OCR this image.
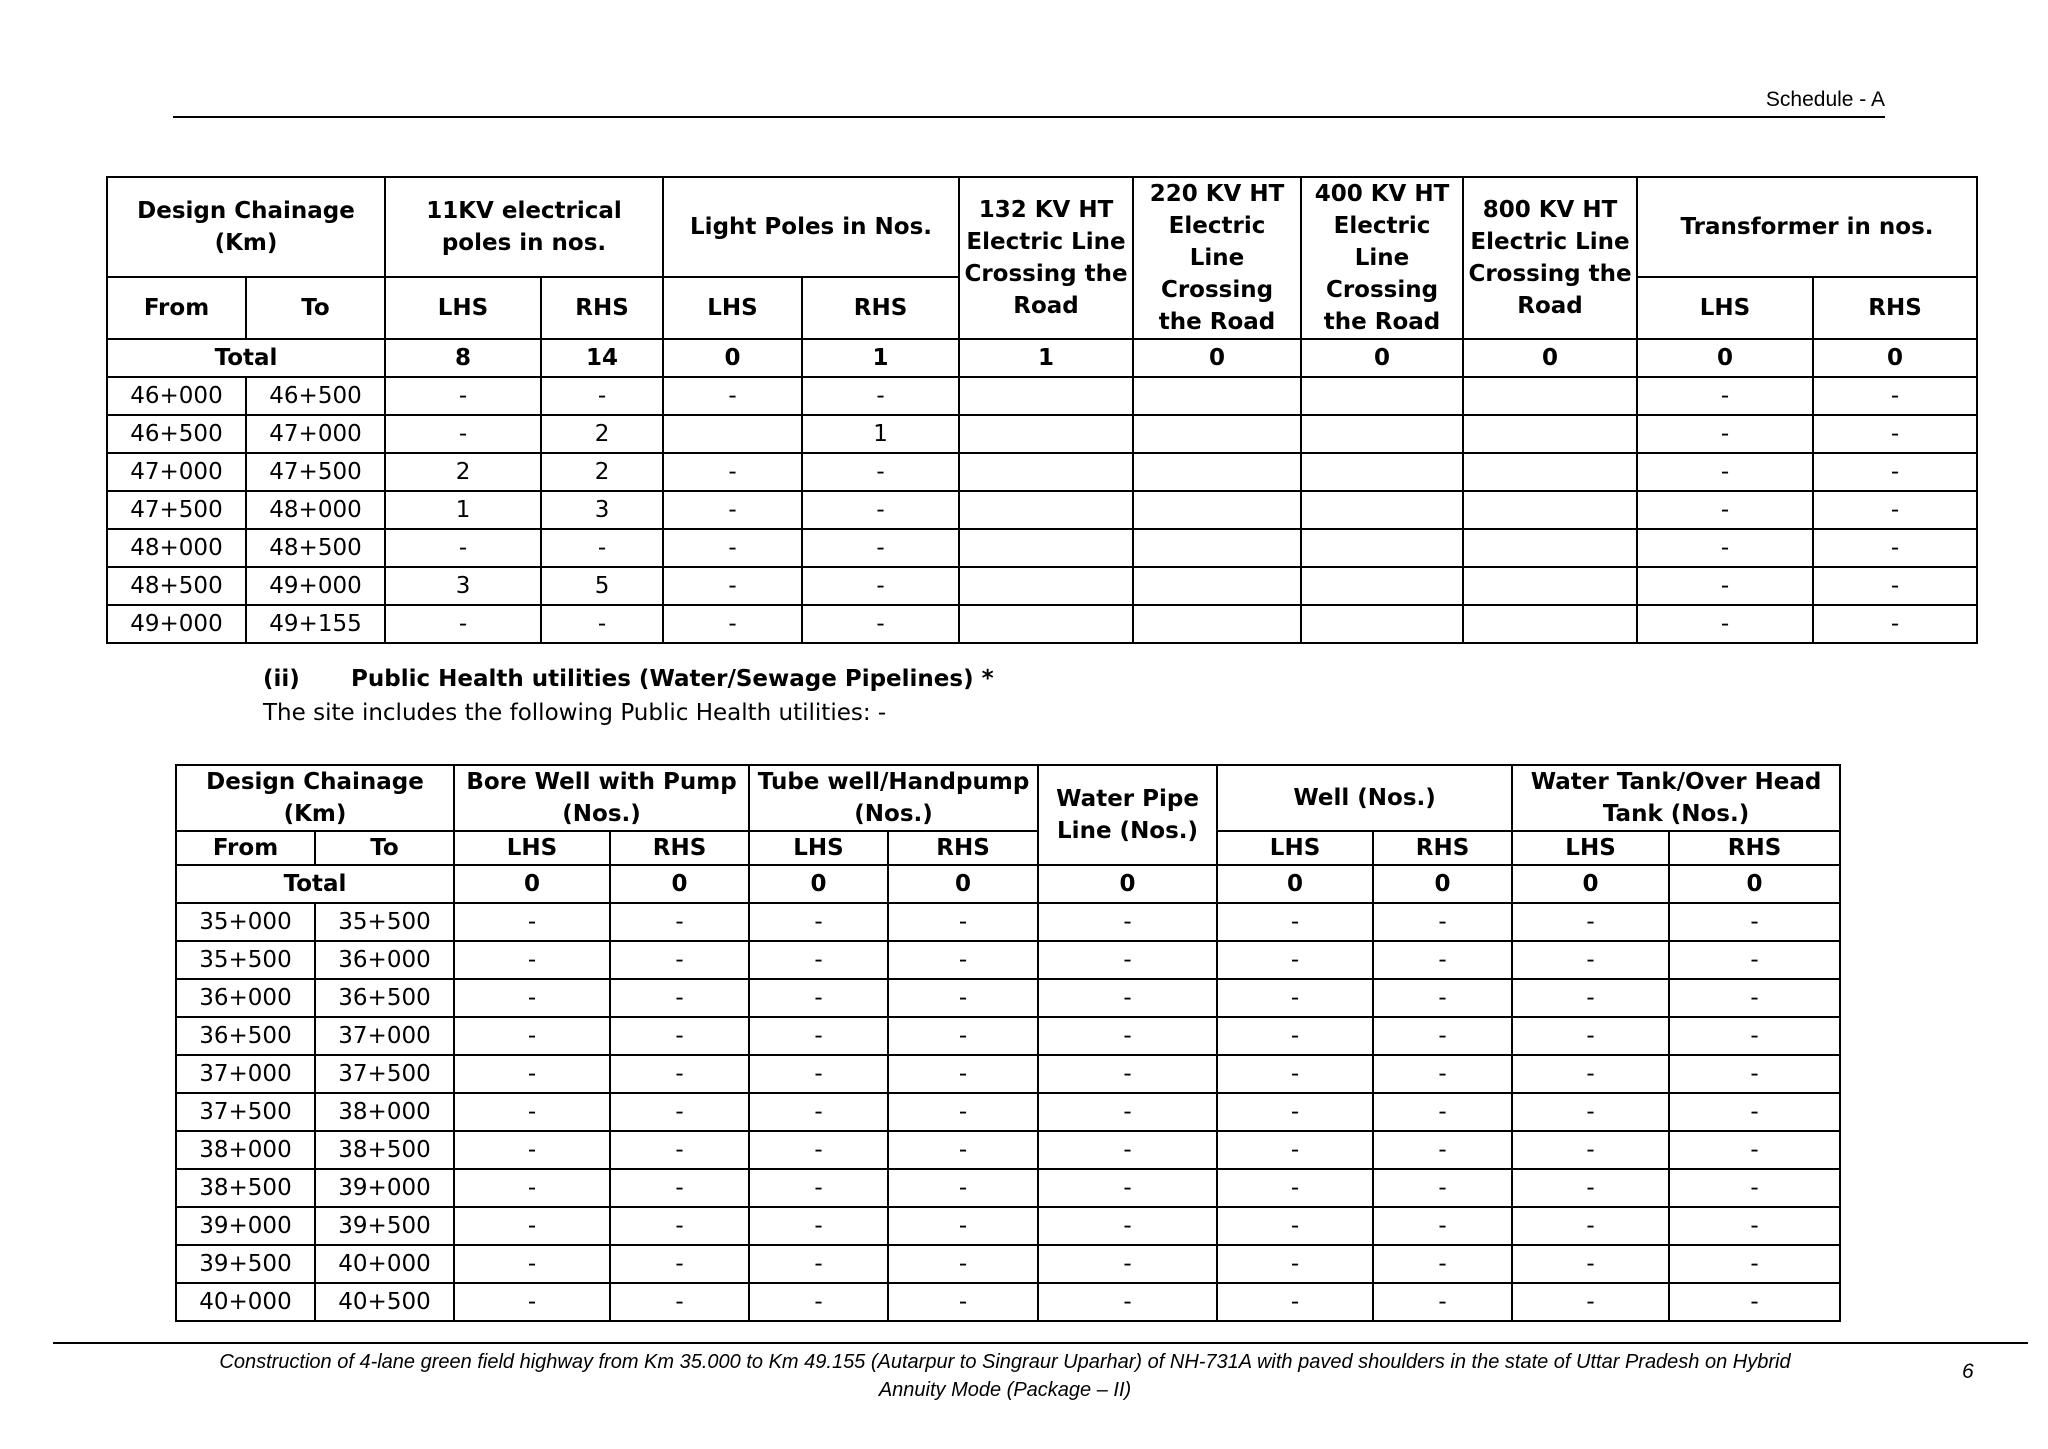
Schedule - A
Design Chainage (Km)		11KV electrical poles in nos.		Light Poles in Nos.		132 KV HT Electric Line Crossing the Road	220 KV HT Electric Line Crossing the Road	400 KV HT Electric Line Crossing the Road	800 KV HT Electric Line Crossing the Road	Transformer in nos.	
From	To	LHS	RHS	LHS	RHS					LHS	RHS
Total		8	14	0	1	1	0	0	0	0	0
46+000	46+500	-	-	-	-					-	-
46+500	47+000	-	2		1					-	-
47+000	47+500	2	2	-	-					-	-
47+500	48+000	1	3	-	-					-	-
48+000	48+500	-	-	-	-					-	-
48+500	49+000	3	5	-	-					-	-
49+000	49+155	-	-	-	-					-	-
(ii) Public Health utilities (Water/Sewage Pipelines) *
The site includes the following Public Health utilities: -
Design Chainage (Km)		Bore Well with Pump (Nos.)		Tube well/Handpump (Nos.)		Water Pipe Line (Nos.)	Well (Nos.)		Water Tank/Over Head Tank (Nos.)	
From	To	LHS	RHS	LHS	RHS		LHS	RHS	LHS	RHS
Total		0	0	0	0	0	0	0	0	0
35+000	35+500	-	-	-	-	-	-	-	-	-
35+500	36+000	-	-	-	-	-	-	-	-	-
36+000	36+500	-	-	-	-	-	-	-	-	-
36+500	37+000	-	-	-	-	-	-	-	-	-
37+000	37+500	-	-	-	-	-	-	-	-	-
37+500	38+000	-	-	-	-	-	-	-	-	-
38+000	38+500	-	-	-	-	-	-	-	-	-
38+500	39+000	-	-	-	-	-	-	-	-	-
39+000	39+500	-	-	-	-	-	-	-	-	-
39+500	40+000	-	-	-	-	-	-	-	-	-
40+000	40+500	-	-	-	-	-	-	-	-	-
Construction of 4-lane green field highway from Km 35.000 to Km 49.155 (Autarpur to Singraur Uparhar) of NH-731A with paved shoulders in the state of Uttar Pradesh on Hybrid
Annuity Mode (Package – II)
6
